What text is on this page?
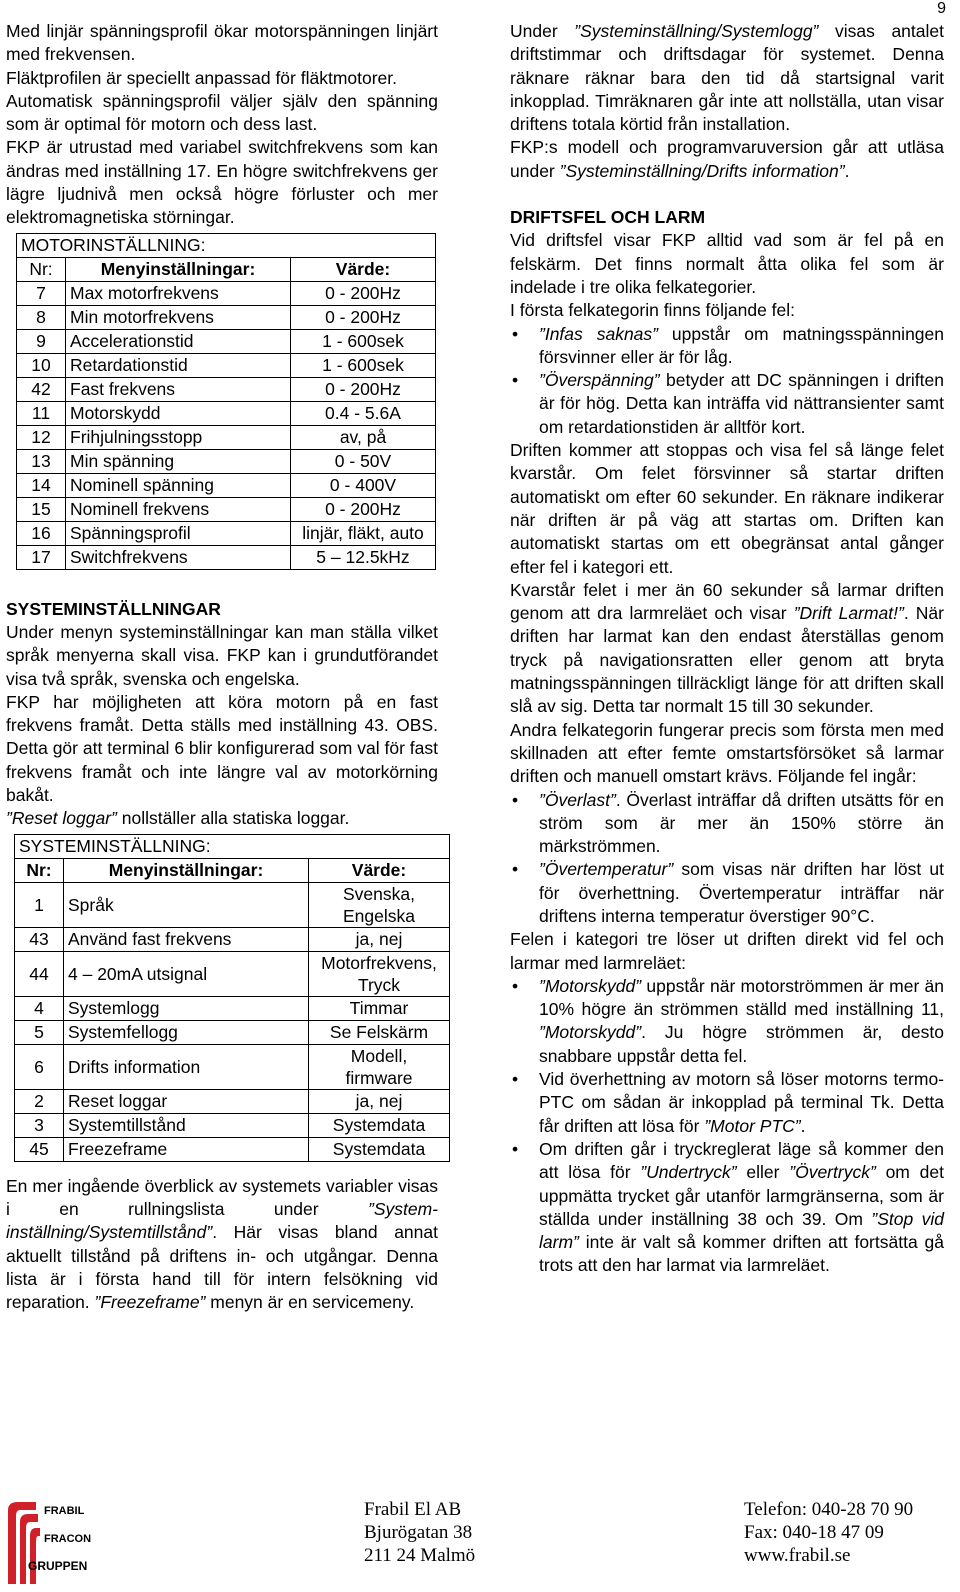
9

Med linjär spänningsprofil ökar motorspänningen linjärt med frekvensen.

Fläktprofilen är speciellt anpassad för fläktmotorer.

Automatisk spänningsprofil väljer själv den spänning som är optimal för motorn och dess last.

FKP är utrustad med variabel switchfrekvens som kan ändras med inställning 17. En högre switchfrekvens ger lägre ljudnivå men också högre förluster och mer elektromagnetiska störningar.

MOTORINSTÄLLNING:		
Nr:	Menyinställningar:	Värde:
7	Max motorfrekvens	0 - 200Hz
8	Min motorfrekvens	0 - 200Hz
9	Accelerationstid	1 - 600sek
10	Retardationstid	1 - 600sek
42	Fast frekvens	0 - 200Hz
11	Motorskydd	0.4 - 5.6A
12	Frihjulningsstopp	av, på
13	Min spänning	0 - 50V
14	Nominell spänning	0 - 400V
15	Nominell frekvens	0 - 200Hz
16	Spänningsprofil	linjär, fläkt, auto
17	Switchfrekvens	5 – 12.5kHz

SYSTEMINSTÄLLNINGAR

Under menyn systeminställningar kan man ställa vilket språk menyerna skall visa. FKP kan i grundutförandet visa två språk, svenska och engelska.

FKP har möjligheten att köra motorn på en fast frekvens framåt. Detta ställs med inställning 43. OBS. Detta gör att terminal 6 blir konfigurerad som val för fast frekvens framåt och inte längre val av motorkörning bakåt.

”Reset loggar” nollställer alla statiska loggar.

SYSTEMINSTÄLLNING:		
Nr:	Menyinställningar:	Värde:
1	Språk	Svenska,
Engelska

43	Använd fast frekvens	ja, nej

44	4 – 20mA utsignal	Motorfrekvens,
Tryck

4	Systemlogg	Timmar

5	Systemfellogg	Se Felskärm

6	Drifts information	Modell,
firmware

2	Reset loggar	ja, nej

3	Systemtillstånd	Systemdata

45	Freezeframe	Systemdata

En mer ingående överblick av systemets variabler visas i en rullningslista under ”System-inställning/Systemtillstånd”. Här visas bland annat aktuellt tillstånd på driftens in- och utgångar. Denna lista är i första hand till för intern felsökning vid reparation. ”Freezeframe” menyn är en servicemeny.

Under ”Systeminställning/Systemlogg” visas antalet driftstimmar och driftsdagar för systemet. Denna räknare räknar bara den tid då startsignal varit inkopplad. Timräknaren går inte att nollställa, utan visar driftens totala körtid från installation.

FKP:s modell och programvaruversion går att utläsa under ”Systeminställning/Drifts information”.

DRIFTSFEL OCH LARM

Vid driftsfel visar FKP alltid vad som är fel på en felskärm. Det finns normalt åtta olika fel som är indelade i tre olika felkategorier.

I första felkategorin finns följande fel:

• ”Infas saknas” uppstår om matningsspänningen försvinner eller är för låg.
• ”Överspänning” betyder att DC spänningen i driften är för hög. Detta kan inträffa vid nättransienter samt om retardationstiden är alltför kort.

Driften kommer att stoppas och visa fel så länge felet kvarstår. Om felet försvinner så startar driften automatiskt om efter 60 sekunder. En räknare indikerar när driften är på väg att startas om. Driften kan automatiskt startas om ett obegränsat antal gånger efter fel i kategori ett.

Kvarstår felet i mer än 60 sekunder så larmar driften genom att dra larmreläet och visar ”Drift Larmat!”. När driften har larmat kan den endast återställas genom tryck på navigationsratten eller genom att bryta matningsspänningen tillräckligt länge för att driften skall slå av sig. Detta tar normalt 15 till 30 sekunder.

Andra felkategorin fungerar precis som första men med skillnaden att efter femte omstartsförsöket så larmar driften och manuell omstart krävs. Följande fel ingår:

• ”Överlast”. Överlast inträffar då driften utsätts för en ström som är mer än 150% större än märkströmmen.
• ”Övertemperatur” som visas när driften har löst ut för överhettning. Övertemperatur inträffar när driftens interna temperatur överstiger 90°C.

Felen i kategori tre löser ut driften direkt vid fel och larmar med larmreläet:

• ”Motorskydd” uppstår när motorströmmen är mer än 10% högre än strömmen ställd med inställning 11, ”Motorskydd”. Ju högre strömmen är, desto snabbare uppstår detta fel.
• Vid överhettning av motorn så löser motorns termo-PTC om sådan är inkopplad på terminal Tk. Detta får driften att lösa för ”Motor PTC”.
• Om driften går i tryckreglerat läge så kommer den att lösa för ”Undertryck” eller ”Övertryck” om det uppmätta trycket går utanför larmgränserna, som är ställda under inställning 38 och 39. Om ”Stop vid larm” inte är valt så kommer driften att fortsätta gå trots att den har larmat via larmreläet.
FRABIL
FRACON
GRUPPEN
Frabil El AB
Bjurögatan 38
211 24 Malmö
Telefon: 040-28 70 90
Fax: 040-18 47 09
www.frabil.se
